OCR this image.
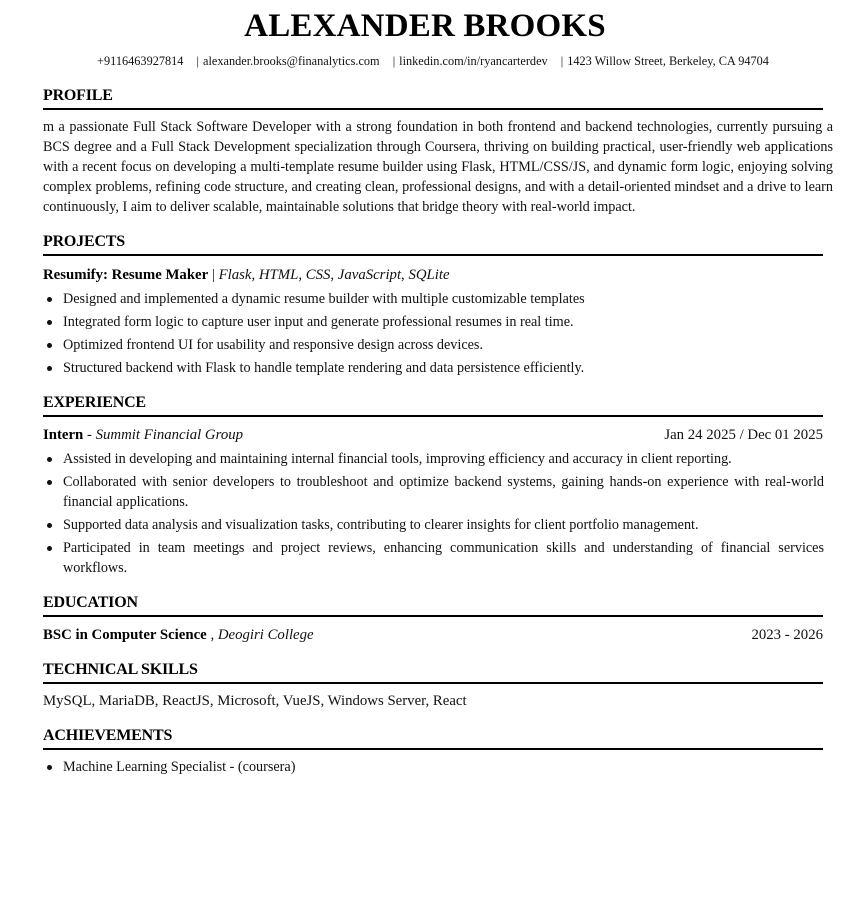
ALEXANDER BROOKS
+9116463927814 | alexander.brooks@finanalytics.com | linkedin.com/in/ryancarterdev | 1423 Willow Street, Berkeley, CA 94704
PROFILE
m a passionate Full Stack Software Developer with a strong foundation in both frontend and backend technologies, currently pursuing a BCS degree and a Full Stack Development specialization through Coursera, thriving on building practical, user-friendly web applications with a recent focus on developing a multi-template resume builder using Flask, HTML/CSS/JS, and dynamic form logic, enjoying solving complex problems, refining code structure, and creating clean, professional designs, and with a detail-oriented mindset and a drive to learn continuously, I aim to deliver scalable, maintainable solutions that bridge theory with real-world impact.
PROJECTS
Resumify: Resume Maker | Flask, HTML, CSS, JavaScript, SQLite
Designed and implemented a dynamic resume builder with multiple customizable templates
Integrated form logic to capture user input and generate professional resumes in real time.
Optimized frontend UI for usability and responsive design across devices.
Structured backend with Flask to handle template rendering and data persistence efficiently.
EXPERIENCE
Intern - Summit Financial Group	Jan 24 2025 / Dec 01 2025
Assisted in developing and maintaining internal financial tools, improving efficiency and accuracy in client reporting.
Collaborated with senior developers to troubleshoot and optimize backend systems, gaining hands-on experience with real-world financial applications.
Supported data analysis and visualization tasks, contributing to clearer insights for client portfolio management.
Participated in team meetings and project reviews, enhancing communication skills and understanding of financial services workflows.
EDUCATION
BSC in Computer Science , Deogiri College	2023 - 2026
TECHNICAL SKILLS
MySQL, MariaDB, ReactJS, Microsoft, VueJS, Windows Server, React
ACHIEVEMENTS
Machine Learning Specialist - (coursera)
